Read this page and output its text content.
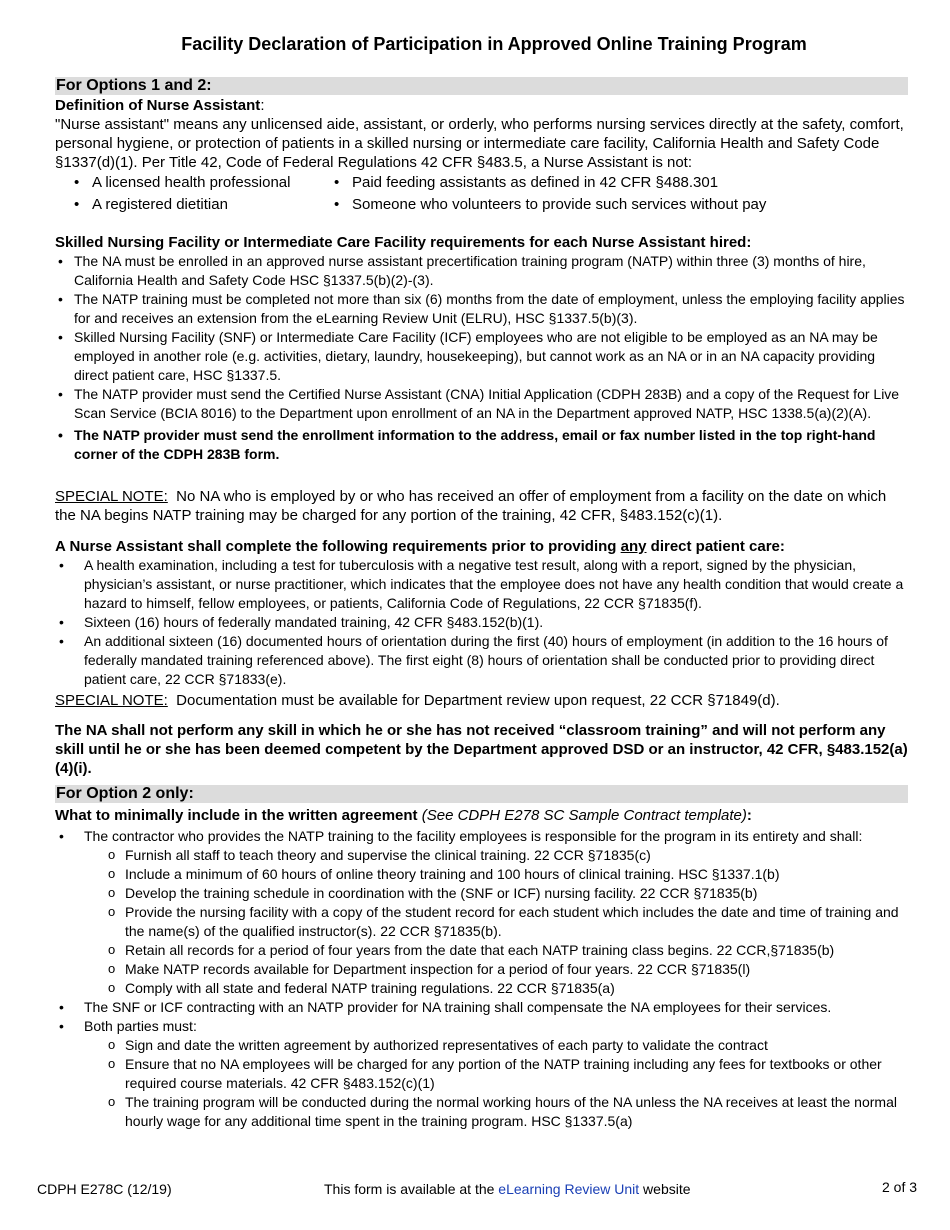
Facility Declaration of Participation in Approved Online Training Program
For Options 1 and 2:
Definition of Nurse Assistant:
"Nurse assistant" means any unlicensed aide, assistant, or orderly, who performs nursing services directly at the safety, comfort, personal hygiene, or protection of patients in a skilled nursing or intermediate care facility, California Health and Safety Code §1337(d)(1). Per Title 42, Code of Federal Regulations 42 CFR §483.5, a Nurse Assistant is not:
• A licensed health professional
• A registered dietitian
• Paid feeding assistants as defined in 42 CFR §488.301
• Someone who volunteers to provide such services without pay
Skilled Nursing Facility or Intermediate Care Facility requirements for each Nurse Assistant hired:
• The NA must be enrolled in an approved nurse assistant precertification training program (NATP) within three (3) months of hire, California Health and Safety Code HSC §1337.5(b)(2)-(3).
• The NATP training must be completed not more than six (6) months from the date of employment, unless the employing facility applies for and receives an extension from the eLearning Review Unit (ELRU), HSC §1337.5(b)(3).
• Skilled Nursing Facility (SNF) or Intermediate Care Facility (ICF) employees who are not eligible to be employed as an NA may be employed in another role (e.g. activities, dietary, laundry, housekeeping), but cannot work as an NA or in an NA capacity providing direct patient care, HSC §1337.5.
• The NATP provider must send the Certified Nurse Assistant (CNA) Initial Application (CDPH 283B) and a copy of the Request for Live Scan Service (BCIA 8016) to the Department upon enrollment of an NA in the Department approved NATP, HSC 1338.5(a)(2)(A).
• The NATP provider must send the enrollment information to the address, email or fax number listed in the top right-hand corner of the CDPH 283B form.
SPECIAL NOTE: No NA who is employed by or who has received an offer of employment from a facility on the date on which the NA begins NATP training may be charged for any portion of the training, 42 CFR, §483.152(c)(1).
A Nurse Assistant shall complete the following requirements prior to providing any direct patient care:
• A health examination, including a test for tuberculosis with a negative test result, along with a report, signed by the physician, physician’s assistant, or nurse practitioner, which indicates that the employee does not have any health condition that would create a hazard to himself, fellow employees, or patients, California Code of Regulations, 22 CCR §71835(f).
• Sixteen (16) hours of federally mandated training, 42 CFR §483.152(b)(1).
• An additional sixteen (16) documented hours of orientation during the first (40) hours of employment (in addition to the 16 hours of federally mandated training referenced above). The first eight (8) hours of orientation shall be conducted prior to providing direct patient care, 22 CCR §71833(e).
SPECIAL NOTE: Documentation must be available for Department review upon request, 22 CCR §71849(d).
The NA shall not perform any skill in which he or she has not received “classroom training” and will not perform any skill until he or she has been deemed competent by the Department approved DSD or an instructor, 42 CFR, §483.152(a)(4)(i).
For Option 2 only:
What to minimally include in the written agreement (See CDPH E278 SC Sample Contract template):
• The contractor who provides the NATP training to the facility employees is responsible for the program in its entirety and shall:
o Furnish all staff to teach theory and supervise the clinical training. 22 CCR §71835(c)
o Include a minimum of 60 hours of online theory training and 100 hours of clinical training. HSC §1337.1(b)
o Develop the training schedule in coordination with the (SNF or ICF) nursing facility. 22 CCR §71835(b)
o Provide the nursing facility with a copy of the student record for each student which includes the date and time of training and the name(s) of the qualified instructor(s). 22 CCR §71835(b).
o Retain all records for a period of four years from the date that each NATP training class begins. 22 CCR,§71835(b)
o Make NATP records available for Department inspection for a period of four years. 22 CCR §71835(l)
o Comply with all state and federal NATP training regulations. 22 CCR §71835(a)
• The SNF or ICF contracting with an NATP provider for NA training shall compensate the NA employees for their services.
• Both parties must:
o Sign and date the written agreement by authorized representatives of each party to validate the contract
o Ensure that no NA employees will be charged for any portion of the NATP training including any fees for textbooks or other required course materials. 42 CFR §483.152(c)(1)
o The training program will be conducted during the normal working hours of the NA unless the NA receives at least the normal hourly wage for any additional time spent in the training program. HSC §1337.5(a)
CDPH E278C (12/19)	This form is available at the eLearning Review Unit website	2 of 3
